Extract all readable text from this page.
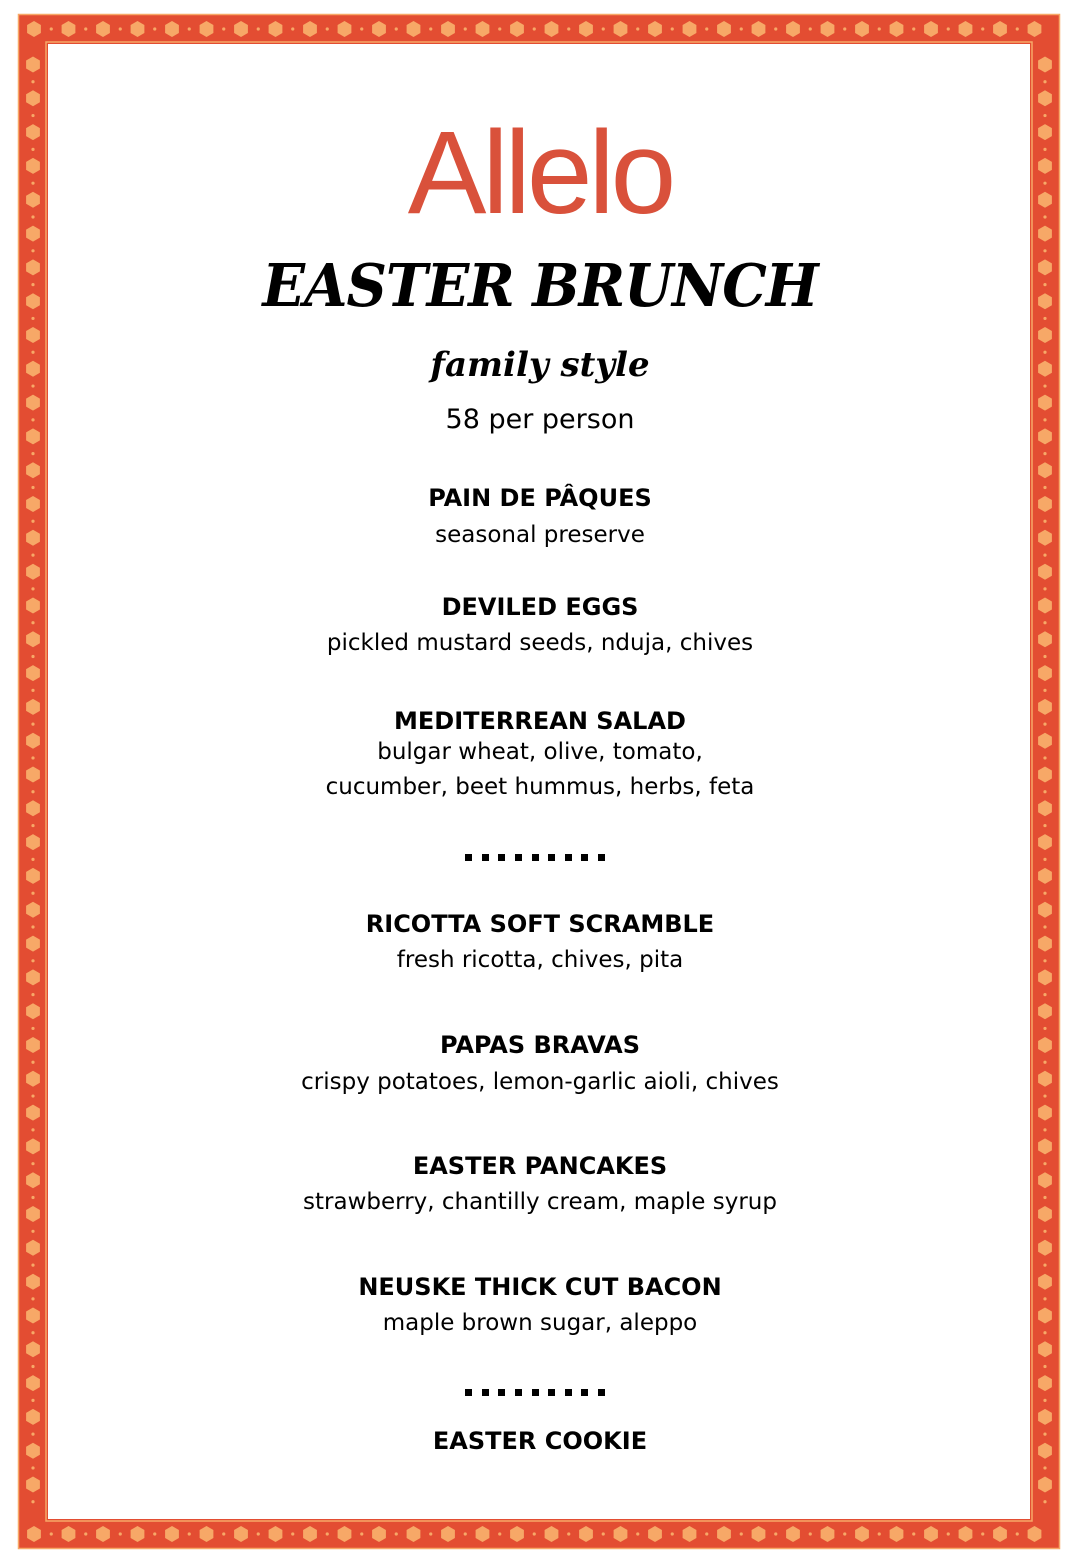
Allelo
EASTER BRUNCH
family style
58 per person
PAIN DE PÂQUES
seasonal preserve
DEVILED EGGS
pickled mustard seeds, nduja, chives
MEDITERREAN SALAD
bulgar wheat, olive, tomato,
cucumber, beet hummus, herbs, feta
RICOTTA SOFT SCRAMBLE
fresh ricotta, chives, pita
PAPAS BRAVAS
crispy potatoes, lemon-garlic aioli, chives
EASTER PANCAKES
strawberry, chantilly cream, maple syrup
NEUSKE THICK CUT BACON
maple brown sugar, aleppo
EASTER COOKIE
